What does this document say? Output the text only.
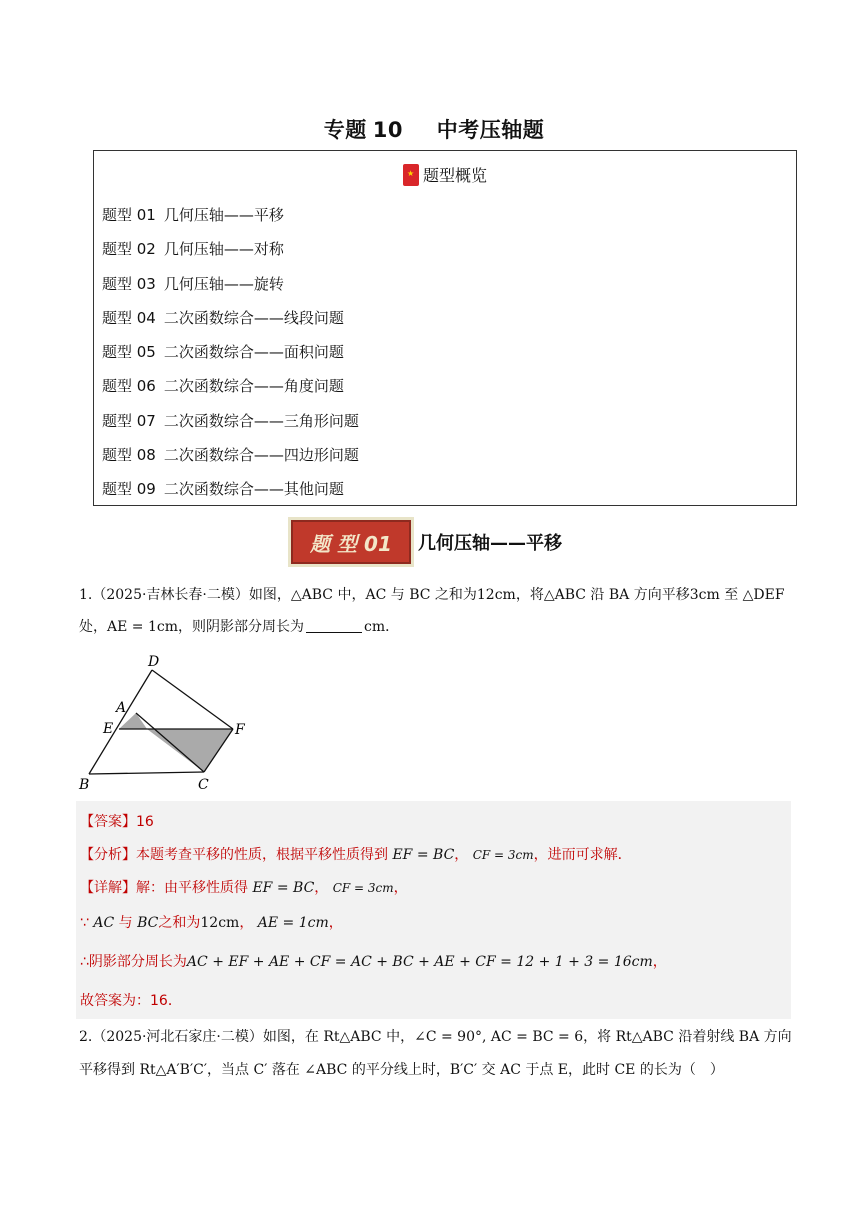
专题 10 中考压轴题
★题型概览
题型 01 几何压轴——平移
题型 02 几何压轴——对称
题型 03 几何压轴——旋转
题型 04 二次函数综合——线段问题
题型 05 二次函数综合——面积问题
题型 06 二次函数综合——角度问题
题型 07 二次函数综合——三角形问题
题型 08 二次函数综合——四边形问题
题型 09 二次函数综合——其他问题
题 型 01 几何压轴——平移
1.（2025·吉林长春·二模）如图，△ABC 中，AC 与 BC 之和为12cm，将△ABC 沿 BA 方向平移3cm 至 △DEF
处，AE = 1cm，则阴影部分周长为	cm．
D
A
E	F
B	C
【答案】16
【分析】本题考查平移的性质，根据平移性质得到 EF = BC， CF = 3cm，进而可求解．
【详解】解：由平移性质得 EF = BC， CF = 3cm，
∵ AC 与 BC之和为12cm， AE = 1cm，
∴阴影部分周长为AC + EF + AE + CF = AC + BC + AE + CF = 12 + 1 + 3 = 16cm，
故答案为：16．
2.（2025·河北石家庄·二模）如图，在 Rt△ABC 中，∠C = 90°, AC = BC = 6，将 Rt△ABC 沿着射线 BA 方向
平移得到 Rt△A′B′C′，当点 C′ 落在 ∠ABC 的平分线上时，B′C′ 交 AC 于点 E，此时 CE 的长为（　）
